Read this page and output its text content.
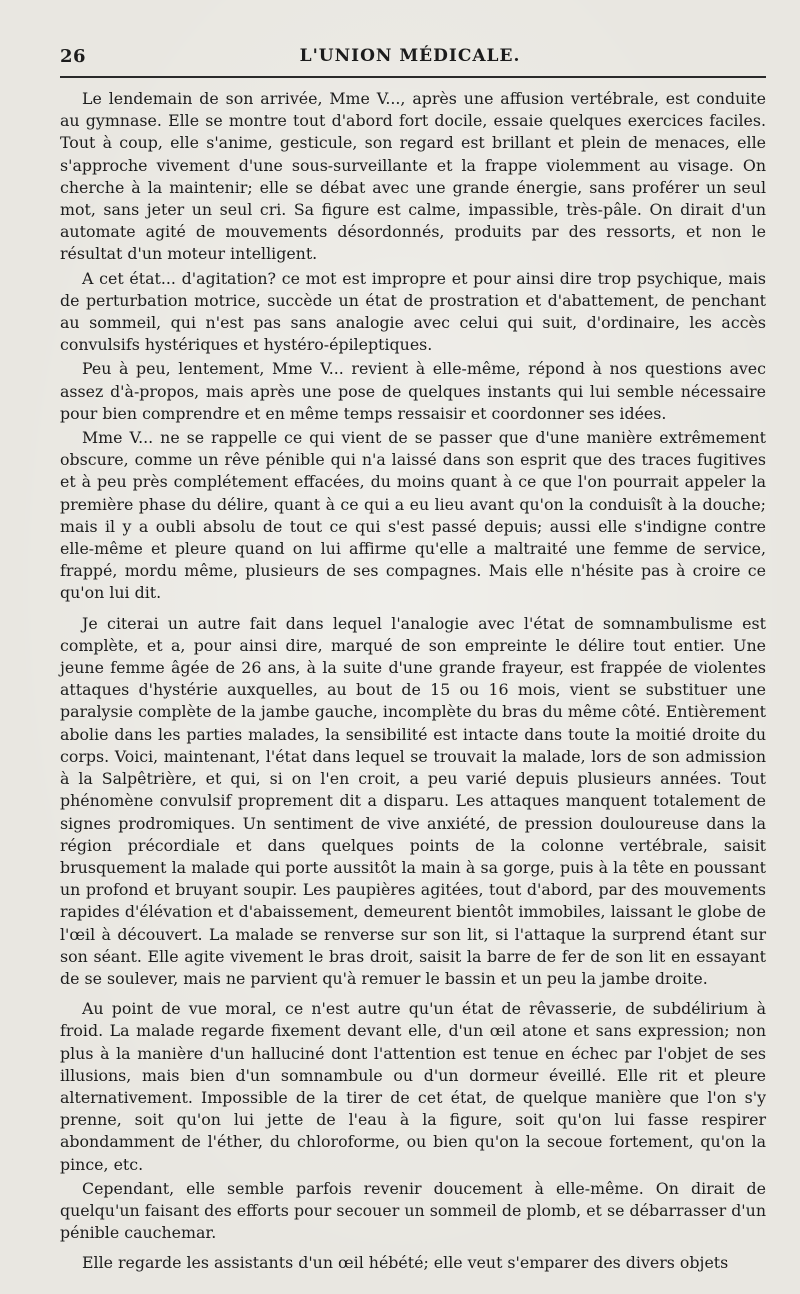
26	L'UNION MÉDICALE.

Le lendemain de son arrivée, Mme V..., après une affusion vertébrale, est conduite au gymnase. Elle se montre tout d'abord fort docile, essaie quelques exercices faciles. Tout à coup, elle s'anime, gesticule, son regard est brillant et plein de menaces, elle s'approche vivement d'une sous-surveillante et la frappe violemment au visage. On cherche à la maintenir; elle se débat avec une grande énergie, sans proférer un seul mot, sans jeter un seul cri. Sa figure est calme, impassible, très-pâle. On dirait d'un automate agité de mouvements désordonnés, produits par des ressorts, et non le résultat d'un moteur intelligent.

A cet état... d'agitation? ce mot est impropre et pour ainsi dire trop psychique, mais de perturbation motrice, succède un état de prostration et d'abattement, de penchant au sommeil, qui n'est pas sans analogie avec celui qui suit, d'ordinaire, les accès convulsifs hystériques et hystéro-épileptiques.

Peu à peu, lentement, Mme V... revient à elle-même, répond à nos questions avec assez d'à-propos, mais après une pose de quelques instants qui lui semble nécessaire pour bien comprendre et en même temps ressaisir et coordonner ses idées.

Mme V... ne se rappelle ce qui vient de se passer que d'une manière extrêmement obscure, comme un rêve pénible qui n'a laissé dans son esprit que des traces fugitives et à peu près complétement effacées, du moins quant à ce que l'on pourrait appeler la première phase du délire, quant à ce qui a eu lieu avant qu'on la conduisît à la douche; mais il y a oubli absolu de tout ce qui s'est passé depuis; aussi elle s'indigne contre elle-même et pleure quand on lui affirme qu'elle a maltraité une femme de service, frappé, mordu même, plusieurs de ses compagnes. Mais elle n'hésite pas à croire ce qu'on lui dit.

Je citerai un autre fait dans lequel l'analogie avec l'état de somnambulisme est complète, et a, pour ainsi dire, marqué de son empreinte le délire tout entier. Une jeune femme âgée de 26 ans, à la suite d'une grande frayeur, est frappée de violentes attaques d'hystérie auxquelles, au bout de 15 ou 16 mois, vient se substituer une paralysie complète de la jambe gauche, incomplète du bras du même côté. Entièrement abolie dans les parties malades, la sensibilité est intacte dans toute la moitié droite du corps. Voici, maintenant, l'état dans lequel se trouvait la malade, lors de son admission à la Salpêtrière, et qui, si on l'en croit, a peu varié depuis plusieurs années. Tout phénomène convulsif proprement dit a disparu. Les attaques manquent totalement de signes prodromiques. Un sentiment de vive anxiété, de pression douloureuse dans la région précordiale et dans quelques points de la colonne vertébrale, saisit brusquement la malade qui porte aussitôt la main à sa gorge, puis à la tête en poussant un profond et bruyant soupir. Les paupières agitées, tout d'abord, par des mouvements rapides d'élévation et d'abaissement, demeurent bientôt immobiles, laissant le globe de l'œil à découvert. La malade se renverse sur son lit, si l'attaque la surprend étant sur son séant. Elle agite vivement le bras droit, saisit la barre de fer de son lit en essayant de se soulever, mais ne parvient qu'à remuer le bassin et un peu la jambe droite.

Au point de vue moral, ce n'est autre qu'un état de rêvasserie, de subdélirium à froid. La malade regarde fixement devant elle, d'un œil atone et sans expression; non plus à la manière d'un halluciné dont l'attention est tenue en échec par l'objet de ses illusions, mais bien d'un somnambule ou d'un dormeur éveillé. Elle rit et pleure alternativement. Impossible de la tirer de cet état, de quelque manière que l'on s'y prenne, soit qu'on lui jette de l'eau à la figure, soit qu'on lui fasse respirer abondamment de l'éther, du chloroforme, ou bien qu'on la secoue fortement, qu'on la pince, etc.

Cependant, elle semble parfois revenir doucement à elle-même. On dirait de quelqu'un faisant des efforts pour secouer un sommeil de plomb, et se débarrasser d'un pénible cauchemar.

Elle regarde les assistants d'un œil hébété; elle veut s'emparer des divers objets
